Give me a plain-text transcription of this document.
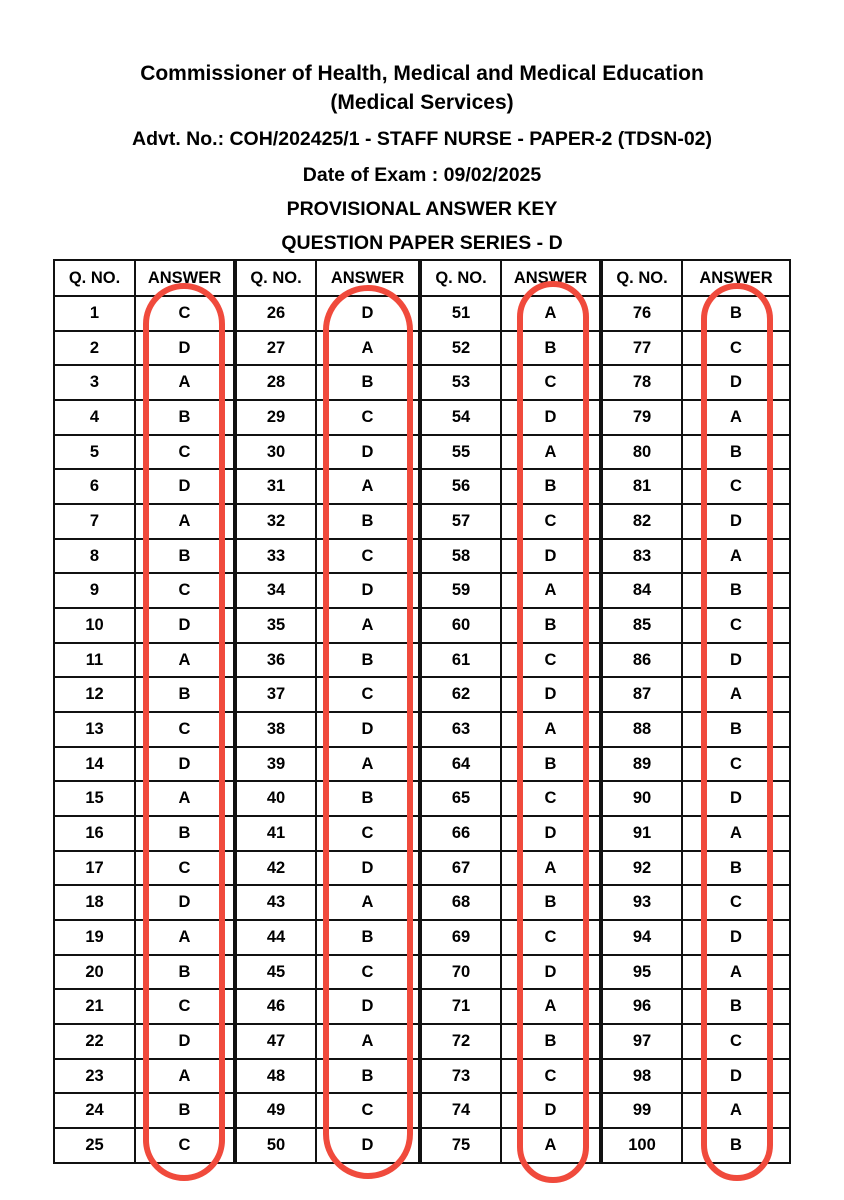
Commissioner of Health, Medical and Medical Education
(Medical Services)
Advt. No.: COH/202425/1 - STAFF NURSE - PAPER-2 (TDSN-02)
Date of Exam : 09/02/2025
PROVISIONAL ANSWER KEY
QUESTION PAPER SERIES - D
Q. NO.	ANSWER	Q. NO.	ANSWER	Q. NO.	ANSWER	Q. NO.	ANSWER
1	C	26	D	51	A	76	B
2	D	27	A	52	B	77	C
3	A	28	B	53	C	78	D
4	B	29	C	54	D	79	A
5	C	30	D	55	A	80	B
6	D	31	A	56	B	81	C
7	A	32	B	57	C	82	D
8	B	33	C	58	D	83	A
9	C	34	D	59	A	84	B
10	D	35	A	60	B	85	C
11	A	36	B	61	C	86	D
12	B	37	C	62	D	87	A
13	C	38	D	63	A	88	B
14	D	39	A	64	B	89	C
15	A	40	B	65	C	90	D
16	B	41	C	66	D	91	A
17	C	42	D	67	A	92	B
18	D	43	A	68	B	93	C
19	A	44	B	69	C	94	D
20	B	45	C	70	D	95	A
21	C	46	D	71	A	96	B
22	D	47	A	72	B	97	C
23	A	48	B	73	C	98	D
24	B	49	C	74	D	99	A
25	C	50	D	75	A	100	B
